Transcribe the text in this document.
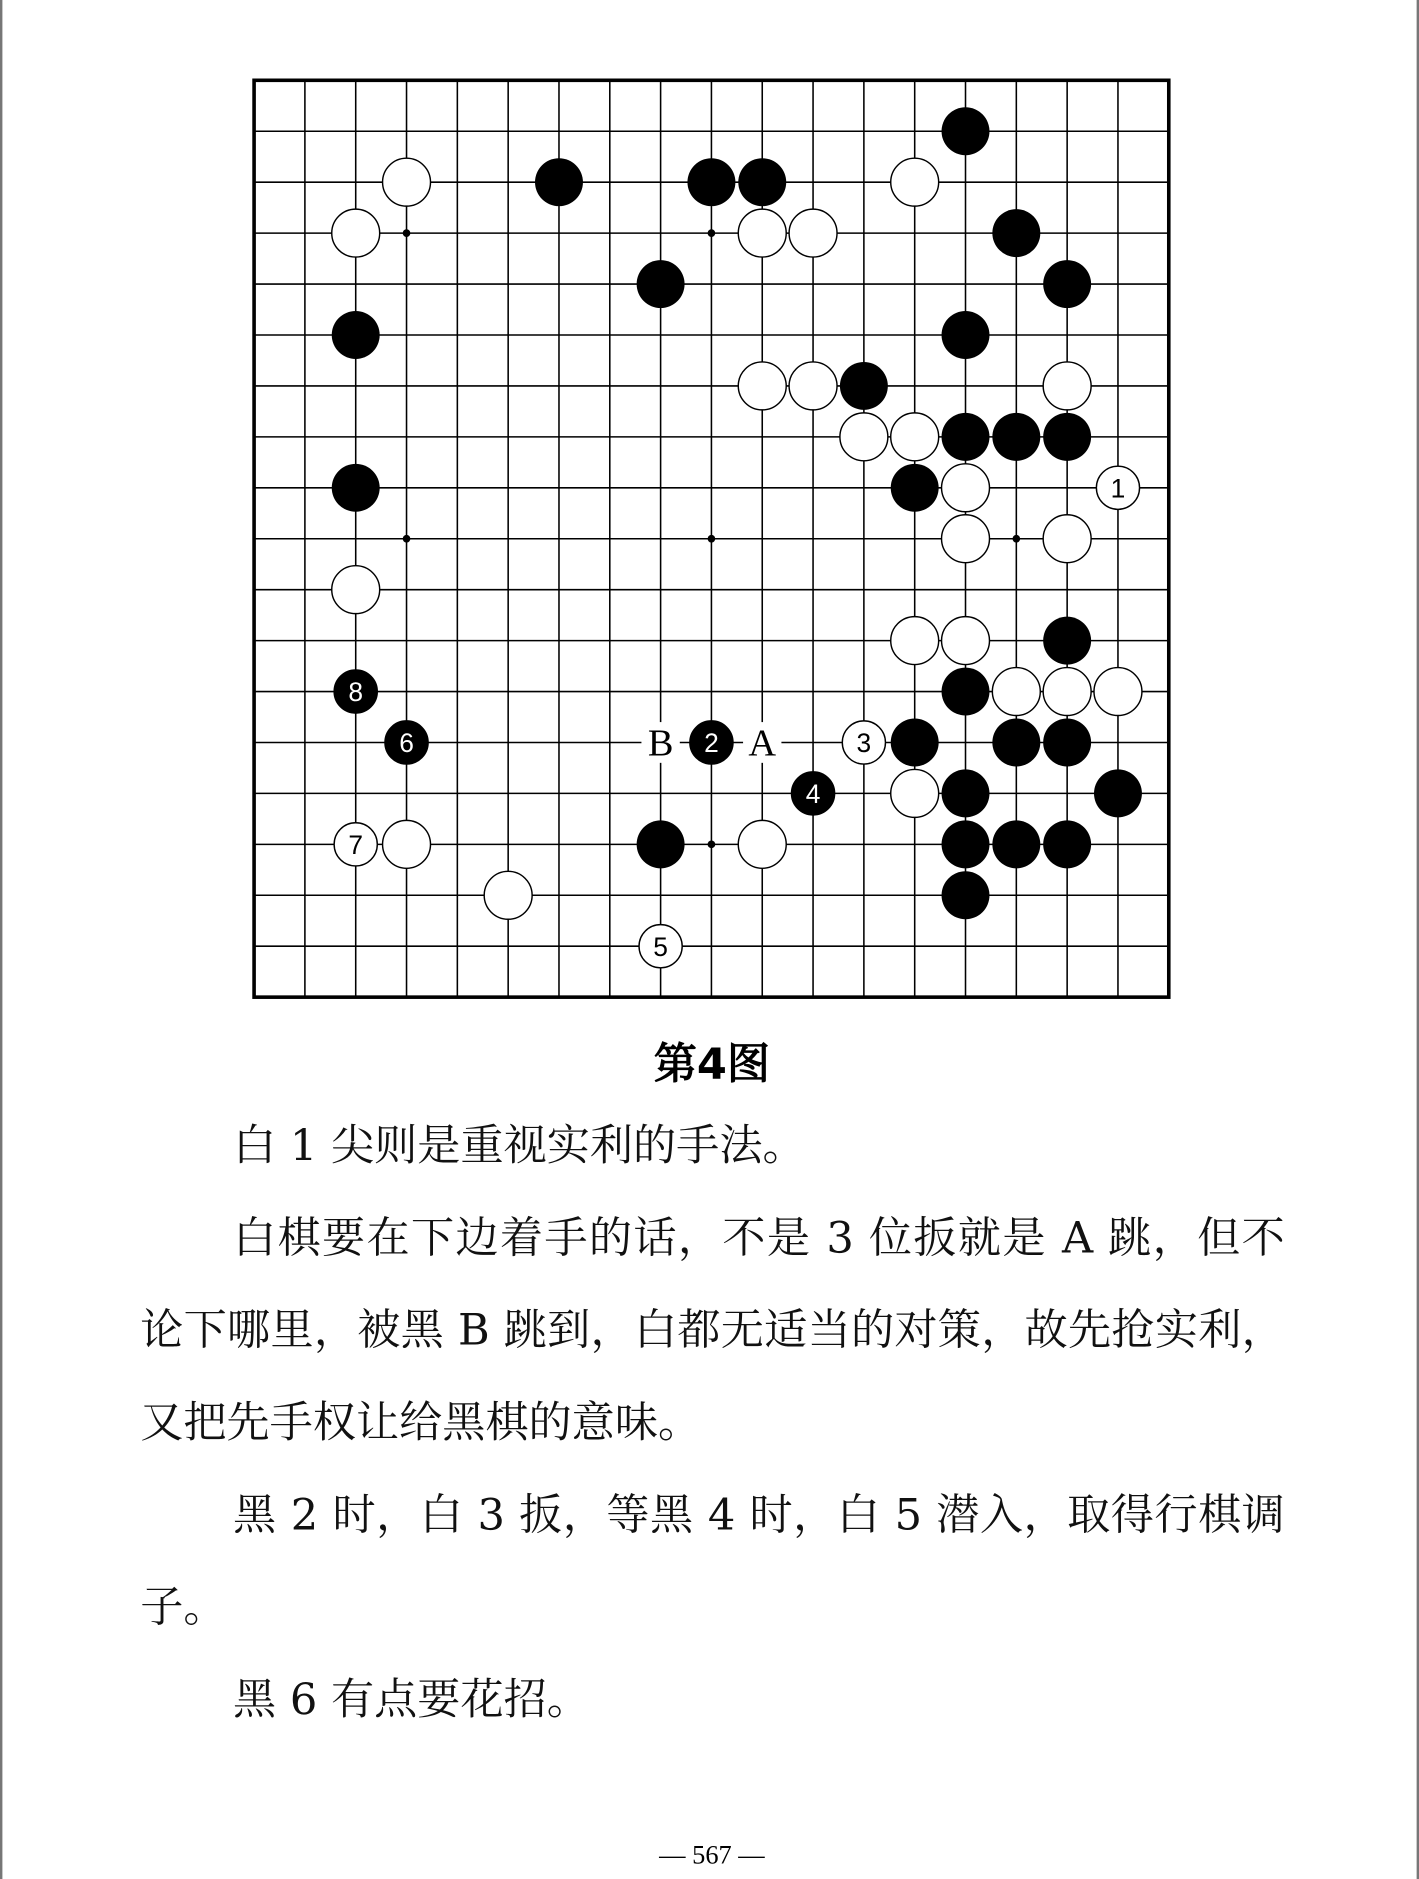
A
B
1
2	3
4
5
6
7
8
第4图

白 1 尖则是重视实利的手法。

白棋要在下边着手的话，不是 3 位扳就是 A 跳，但不论下哪里，被黑 B 跳到，白都无适当的对策，故先抢实利，又把先手权让给黑棋的意味。

黑 2 时，白 3 扳，等黑 4 时，白 5 潜入，取得行棋调子。

黑 6 有点要花招。

— 567 —
